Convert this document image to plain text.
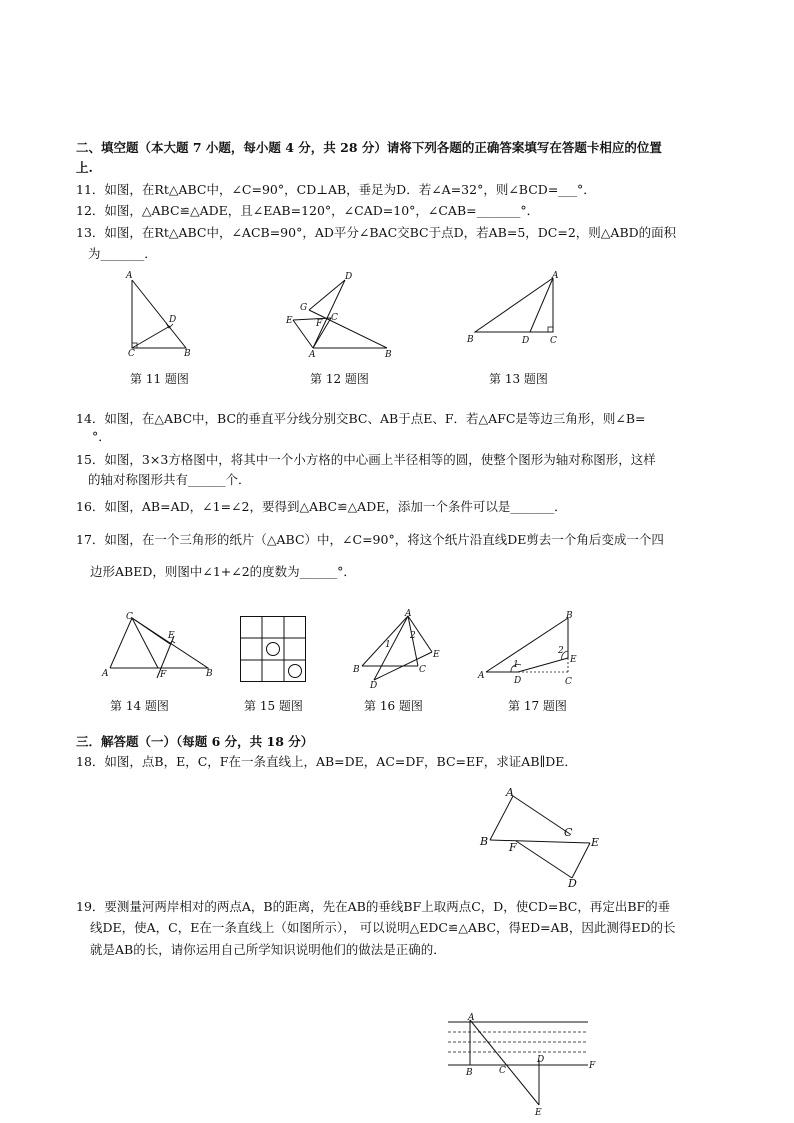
二、填空题（本大题 7 小题，每小题 4 分，共 28 分）请将下列各题的正确答案填写在答题卡相应的位置
上.
11．如图，在Rt△ABC中，∠C=90°，CD⊥AB，垂足为D．若∠A=32°，则∠BCD=___°．
12．如图，△ABC≌△ADE，且∠EAB=120°，∠CAD=10°，∠CAB=_______°．
13．如图，在Rt△ABC中，∠ACB=90°，AD平分∠BAC交BC于点D，若AB=5，DC=2，则△ABD的面积
为_______．
A
D
C	B
第 11 题图
D
G
E	F
C
A	B
第 12 题图
A
B	D C
第 13 题图
14．如图，在△ABC中，BC的垂直平分线分别交BC、AB于点E、F．若△AFC是等边三角形，则∠B=
°．
15．如图，3×3方格图中，将其中一个小方格的中心画上半径相等的圆，使整个图形为轴对称图形，这样
的轴对称图形共有______个．
16．如图，AB=AD，∠1=∠2，要得到△ABC≌△ADE，添加一个条件可以是_______．
17．如图，在一个三角形的纸片（△ABC）中，∠C=90°，将这个纸片沿直线DE剪去一个角后变成一个四
边形ABED，则图中∠1+∠2的度数为______°．
C
E
F
A	B
第 14 题图	第 15 题图
A
1
2
B	C
E
D
第 16 题图
B
2
E
1
A	D	C
第 17 题图
三．解答题（一）（每题 6 分，共 18 分）
18．如图，点B，E，C，F在一条直线上，AB=DE，AC=DF，BC=EF，求证AB∥DE．
A
B F
C
E
D
19．要测量河两岸相对的两点A，B的距离，先在AB的垂线BF上取两点C，D，使CD=BC，再定出BF的垂
线DE，使A，C，E在一条直线上（如图所示）， 可以说明△EDC≌△ABC，得ED=AB，因此测得ED的长
就是AB的长，请你运用自己所学知识说明他们的做法是正确的．
A
B	C
D
F
E
